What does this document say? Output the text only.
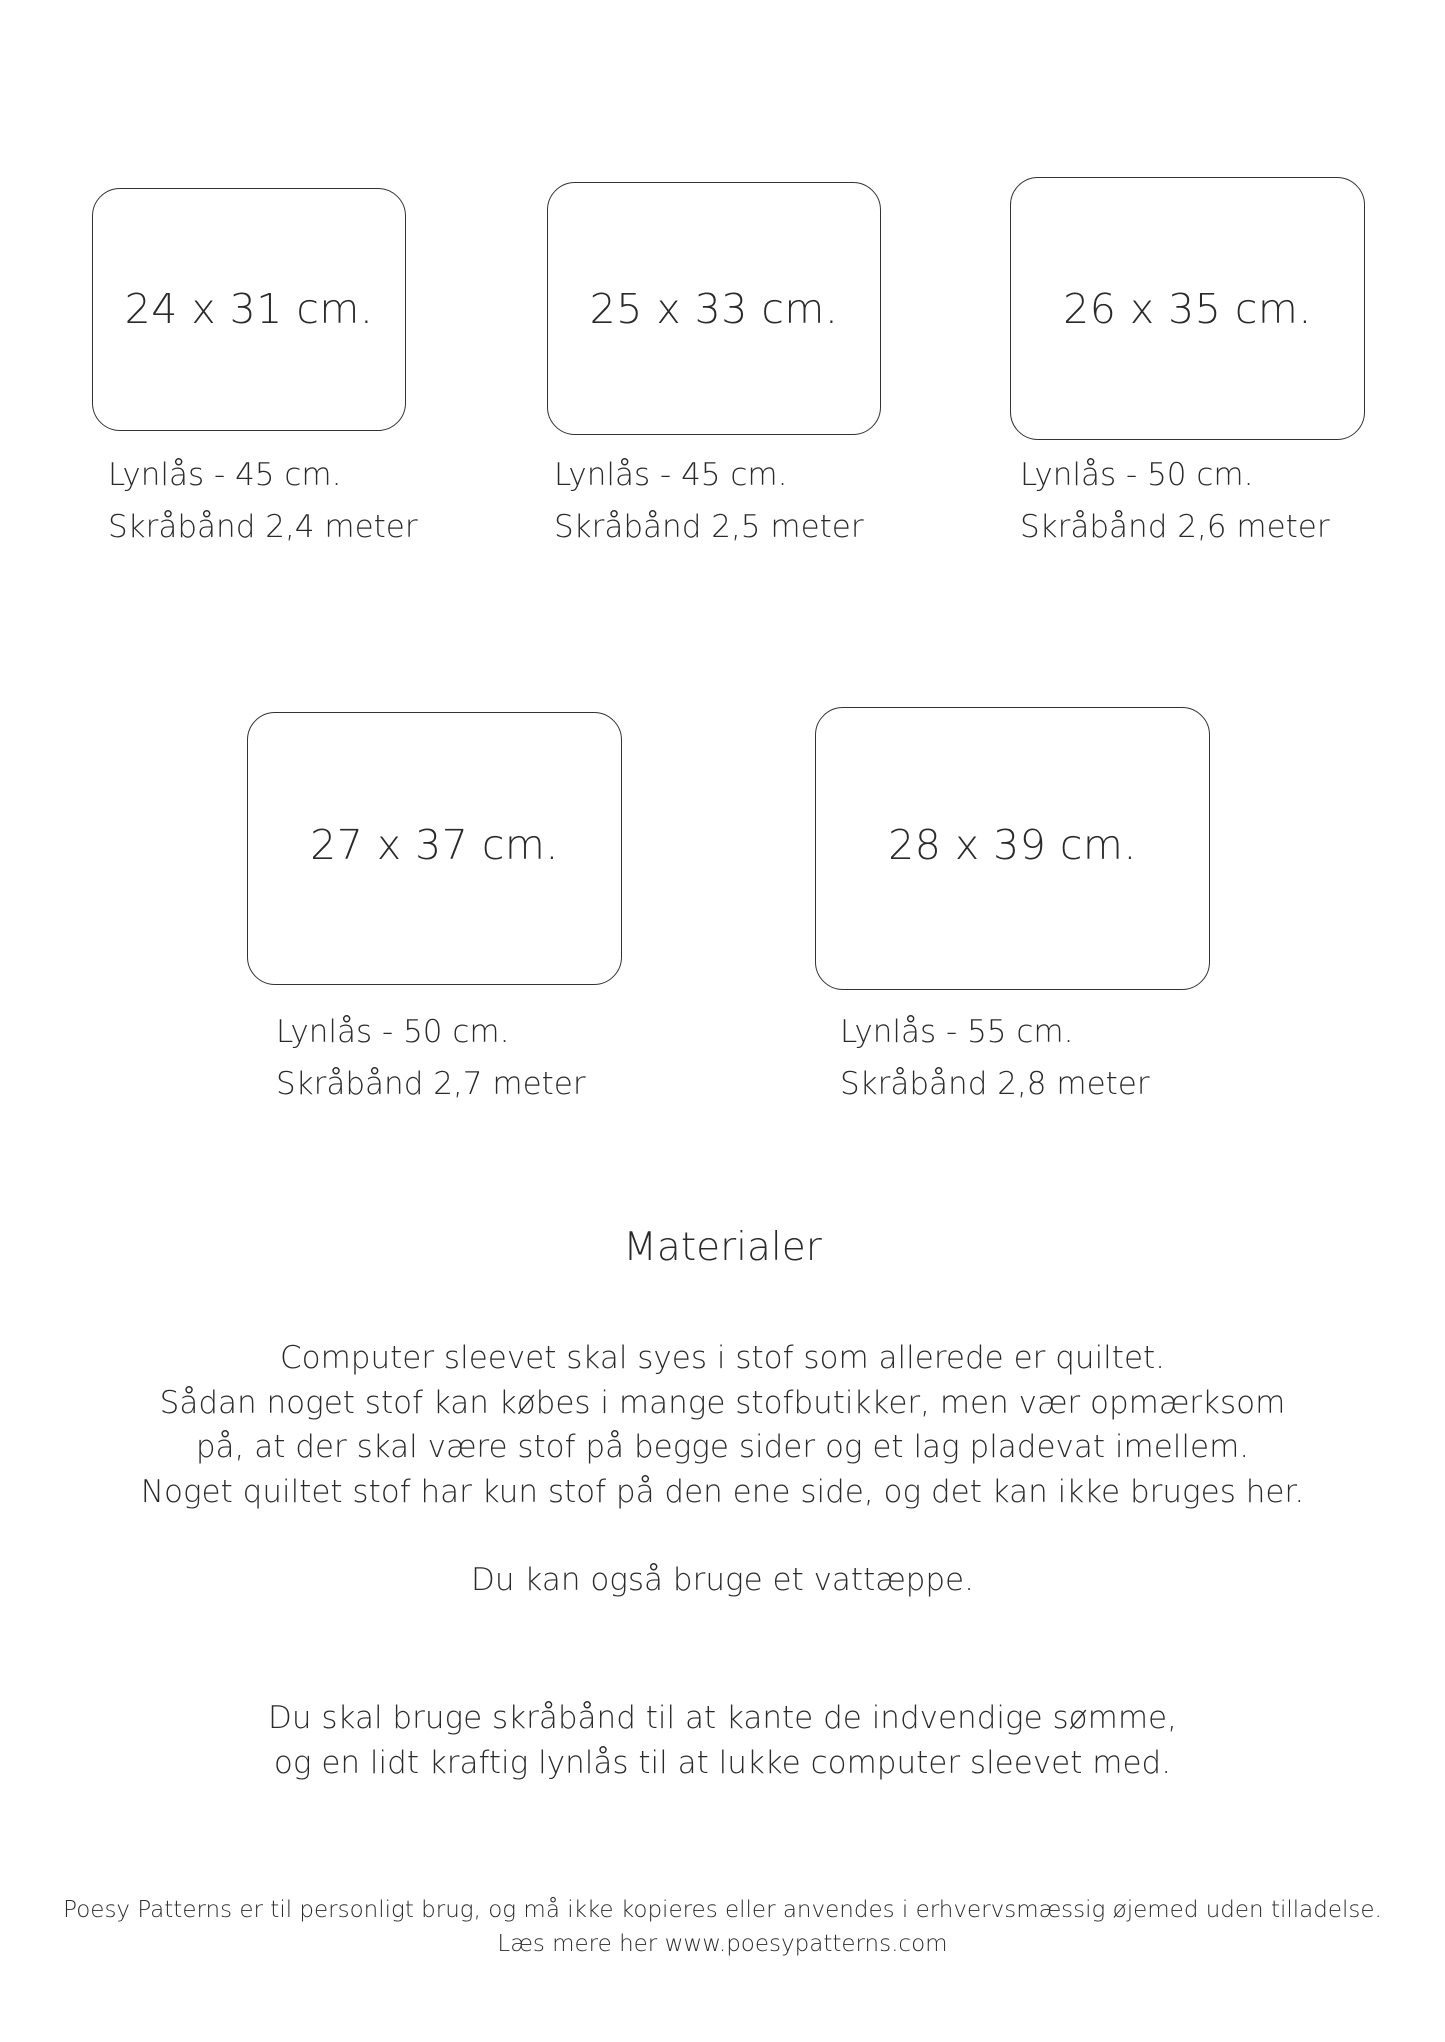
24 x 31 cm.
Lynlås - 45 cm.
Skråbånd 2,4 meter
25 x 33 cm.
Lynlås - 45 cm.
Skråbånd 2,5 meter
26 x 35 cm.
Lynlås - 50 cm.
Skråbånd 2,6 meter
27 x 37 cm.
Lynlås - 50 cm.
Skråbånd 2,7 meter
28 x 39 cm.
Lynlås - 55 cm.
Skråbånd 2,8 meter
Materialer
Computer sleevet skal syes i stof som allerede er quiltet.
Sådan noget stof kan købes i mange stofbutikker, men vær opmærksom
på, at der skal være stof på begge sider og et lag pladevat imellem.
Noget quiltet stof har kun stof på den ene side, og det kan ikke bruges her.
Du kan også bruge et vattæppe.
Du skal bruge skråbånd til at kante de indvendige sømme,
og en lidt kraftig lynlås til at lukke computer sleevet med.
Poesy Patterns er til personligt brug, og må ikke kopieres eller anvendes i erhvervsmæssig øjemed uden tilladelse.
Læs mere her www.poesypatterns.com
